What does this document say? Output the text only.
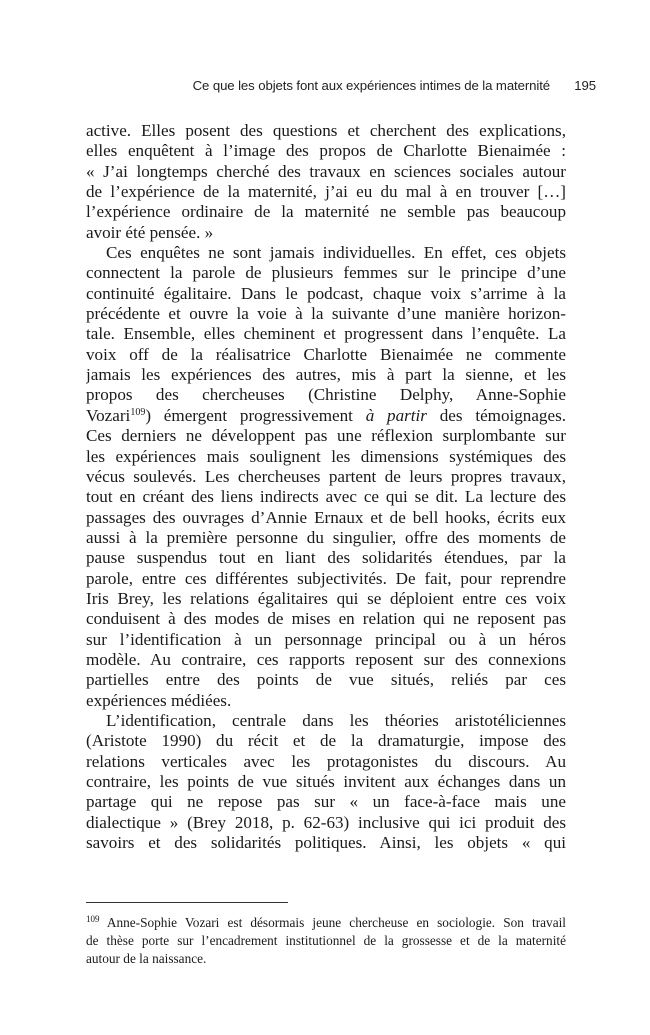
Ce que les objets font aux expériences intimes de la maternité 195
active. Elles posent des questions et cherchent des explications,
elles enquêtent à l’image des propos de Charlotte Bienaimée :
« J’ai longtemps cherché des travaux en sciences sociales autour
de l’expérience de la maternité, j’ai eu du mal à en trouver […]
l’expérience ordinaire de la maternité ne semble pas beaucoup
avoir été pensée. »
Ces enquêtes ne sont jamais individuelles. En effet, ces objets
connectent la parole de plusieurs femmes sur le principe d’une
continuité égalitaire. Dans le podcast, chaque voix s’arrime à la
précédente et ouvre la voie à la suivante d’une manière horizon-
tale. Ensemble, elles cheminent et progressent dans l’enquête. La
voix off de la réalisatrice Charlotte Bienaimée ne commente
jamais les expériences des autres, mis à part la sienne, et les
propos des chercheuses (Christine Delphy, Anne-Sophie
Vozari$^{109}$) émergent progressivement à partir des témoignages.
Ces derniers ne développent pas une réflexion surplombante sur
les expériences mais soulignent les dimensions systémiques des
vécus soulevés. Les chercheuses partent de leurs propres travaux,
tout en créant des liens indirects avec ce qui se dit. La lecture des
passages des ouvrages d’Annie Ernaux et de bell hooks, écrits eux
aussi à la première personne du singulier, offre des moments de
pause suspendus tout en liant des solidarités étendues, par la
parole, entre ces différentes subjectivités. De fait, pour reprendre
Iris Brey, les relations égalitaires qui se déploient entre ces voix
conduisent à des modes de mises en relation qui ne reposent pas
sur l’identification à un personnage principal ou à un héros
modèle. Au contraire, ces rapports reposent sur des connexions
partielles entre des points de vue situés, reliés par ces
expériences médiées.
L’identification, centrale dans les théories aristotéliciennes
(Aristote 1990) du récit et de la dramaturgie, impose des
relations verticales avec les protagonistes du discours. Au
contraire, les points de vue situés invitent aux échanges dans un
partage qui ne repose pas sur « un face-à-face mais une
dialectique » (Brey 2018, p. 62-63) inclusive qui ici produit des
savoirs et des solidarités politiques. Ainsi, les objets « qui
$^{109}$ Anne-Sophie Vozari est désormais jeune chercheuse en sociologie. Son travail
de thèse porte sur l’encadrement institutionnel de la grossesse et de la maternité
autour de la naissance.
